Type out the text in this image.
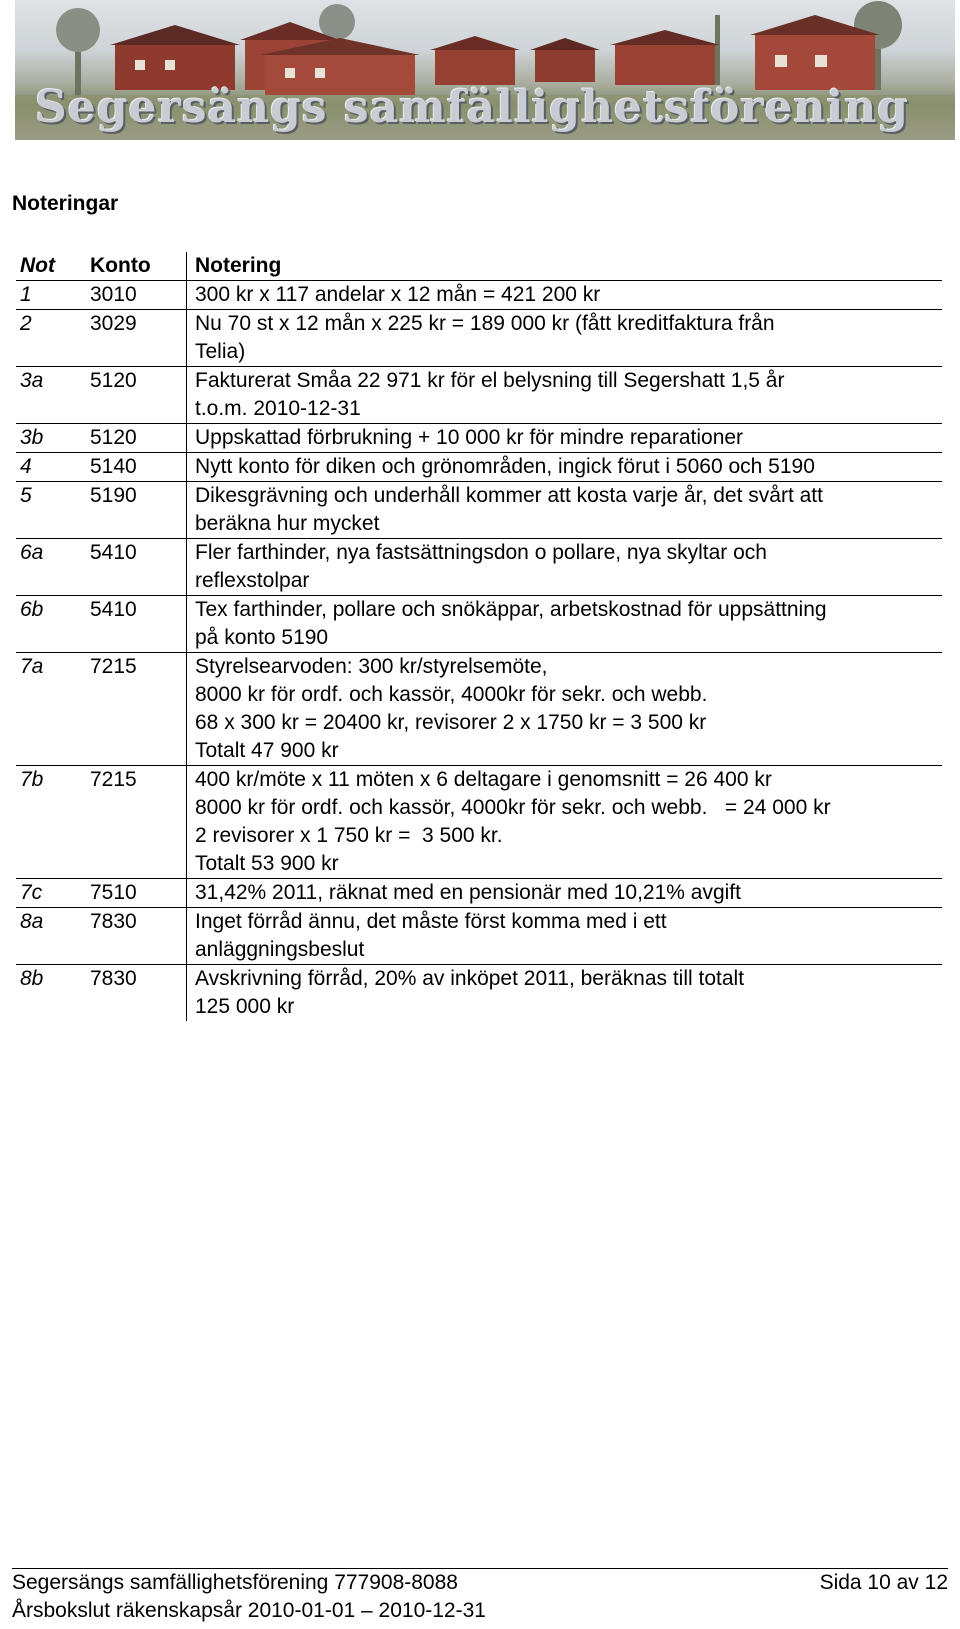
Segersängs samfällighetsförening
Noteringar
Not	Konto	Notering
1	3010	300 kr x 117 andelar x 12 mån = 421 200 kr

2	3029	Nu 70 st x 12 mån x 225 kr = 189 000 kr (fått kreditfaktura från
Telia)

3a	5120	Fakturerat Småa 22 971 kr för el belysning till Segershatt 1,5 år
t.o.m. 2010-12-31

3b	5120	Uppskattad förbrukning + 10 000 kr för mindre reparationer

4	5140	Nytt konto för diken och grönområden, ingick förut i 5060 och 5190

5	5190	Dikesgrävning och underhåll kommer att kosta varje år, det svårt att
beräkna hur mycket

6a	5410	Fler farthinder, nya fastsättningsdon o pollare, nya skyltar och
reflexstolpar

6b	5410	Tex farthinder, pollare och snökäppar, arbetskostnad för uppsättning
på konto 5190

7a	7215	Styrelsearvoden: 300 kr/styrelsemöte,
8000 kr för ordf. och kassör, 4000kr för sekr. och webb.
68 x 300 kr = 20400 kr, revisorer 2 x 1750 kr = 3 500 kr
Totalt 47 900 kr

7b	7215	400 kr/möte x 11 möten x 6 deltagare i genomsnitt = 26 400 kr
8000 kr för ordf. och kassör, 4000kr för sekr. och webb.   = 24 000 kr
2 revisorer x 1 750 kr =  3 500 kr.
Totalt 53 900 kr

7c	7510	31,42% 2011, räknat med en pensionär med 10,21% avgift

8a	7830	Inget förråd ännu, det måste först komma med i ett
anläggningsbeslut

8b	7830	Avskrivning förråd, 20% av inköpet 2011, beräknas till totalt
125 000 kr
Segersängs samfällighetsförening 777908-8088	Sida 10 av 12
Årsbokslut räkenskapsår 2010-01-01 – 2010-12-31
